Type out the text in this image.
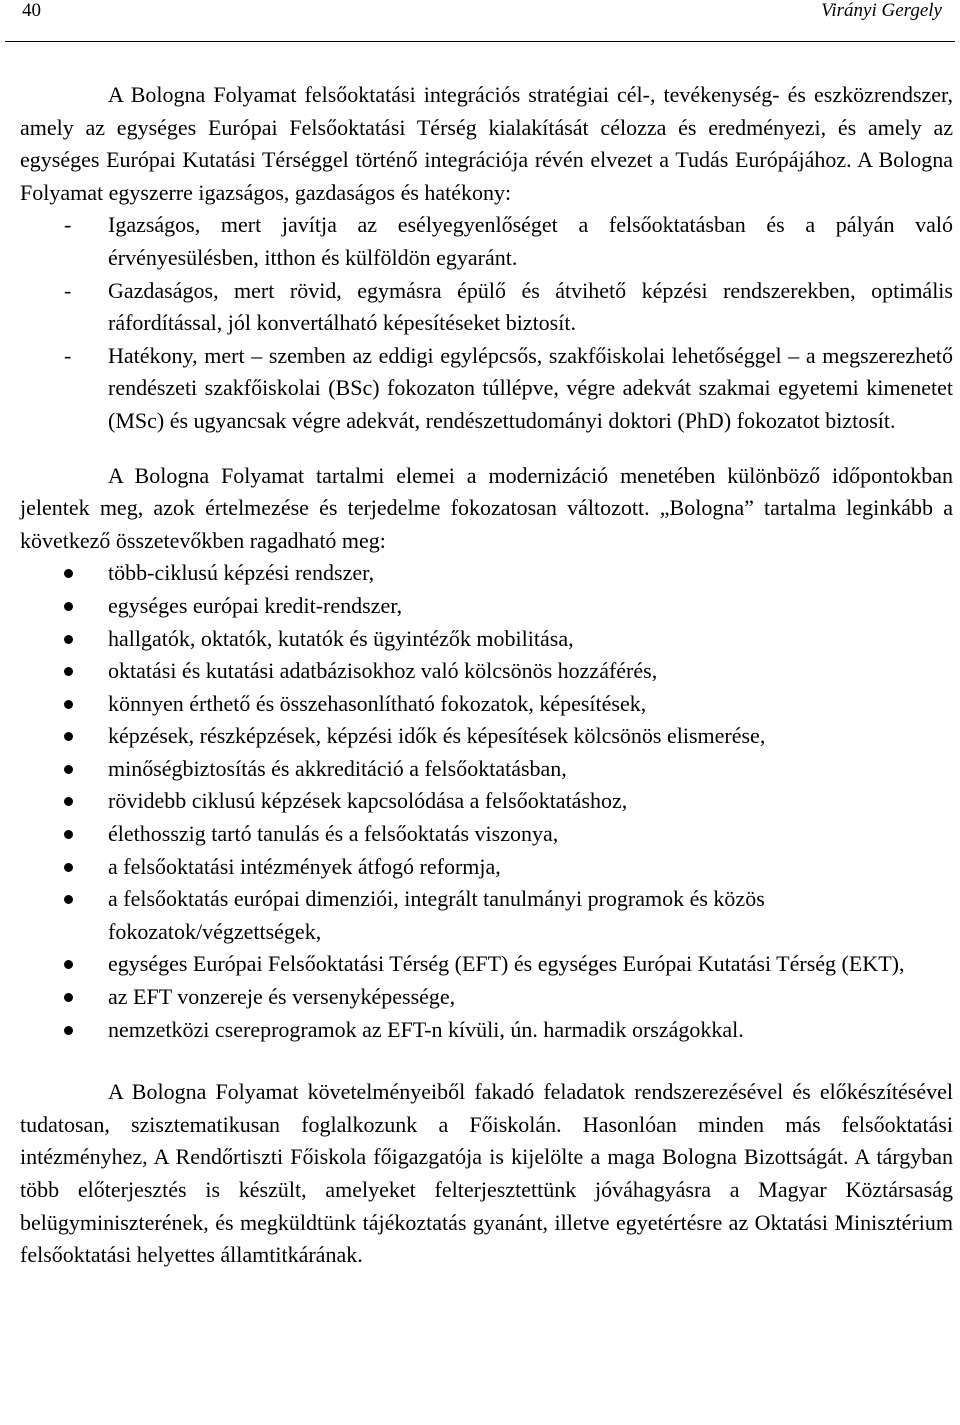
40	Virányi Gergely

A Bologna Folyamat felsőoktatási integrációs stratégiai cél-, tevékenység- és eszközrendszer, amely az egységes Európai Felsőoktatási Térség kialakítását célozza és eredményezi, és amely az egységes Európai Kutatási Térséggel történő integrációja révén elvezet a Tudás Európájához. A Bologna Folyamat egyszerre igazságos, gazdaságos és hatékony:

- Igazságos, mert javítja az esélyegyenlőséget a felsőoktatásban és a pályán való érvényesülésben, itthon és külföldön egyaránt.
- Gazdaságos, mert rövid, egymásra épülő és átvihető képzési rendszerekben, optimális ráfordítással, jól konvertálható képesítéseket biztosít.
- Hatékony, mert – szemben az eddigi egylépcsős, szakfőiskolai lehetőséggel – a megszerezhető rendészeti szakfőiskolai (BSc) fokozaton túllépve, végre adekvát szakmai egyetemi kimenetet (MSc) és ugyancsak végre adekvát, rendészettudományi doktori (PhD) fokozatot biztosít.

A Bologna Folyamat tartalmi elemei a modernizáció menetében különböző időpontokban jelentek meg, azok értelmezése és terjedelme fokozatosan változott. „Bologna” tartalma leginkább a következő összetevőkben ragadható meg:

több-ciklusú képzési rendszer,
egységes európai kredit-rendszer,
hallgatók, oktatók, kutatók és ügyintézők mobilitása,
oktatási és kutatási adatbázisokhoz való kölcsönös hozzáférés,
könnyen érthető és összehasonlítható fokozatok, képesítések,
képzések, részképzések, képzési idők és képesítések kölcsönös elismerése,
minőségbiztosítás és akkreditáció a felsőoktatásban,
rövidebb ciklusú képzések kapcsolódása a felsőoktatáshoz,
élethosszig tartó tanulás és a felsőoktatás viszonya,
a felsőoktatási intézmények átfogó reformja,
a felsőoktatás európai dimenziói, integrált tanulmányi programok és közös fokozatok/végzettségek,
egységes Európai Felsőoktatási Térség (EFT) és egységes Európai Kutatási Térség (EKT),
az EFT vonzereje és versenyképessége,
nemzetközi csereprogramok az EFT-n kívüli, ún. harmadik országokkal.

A Bologna Folyamat követelményeiből fakadó feladatok rendszerezésével és előkészítésével tudatosan, szisztematikusan foglalkozunk a Főiskolán. Hasonlóan minden más felsőoktatási intézményhez, A Rendőrtiszti Főiskola főigazgatója is kijelölte a maga Bologna Bizottságát. A tárgyban több előterjesztés is készült, amelyeket felterjesztettünk jóváhagyásra a Magyar Köztársaság belügyminiszterének, és megküldtünk tájékoztatás gyanánt, illetve egyetértésre az Oktatási Minisztérium felsőoktatási helyettes államtitkárának.
